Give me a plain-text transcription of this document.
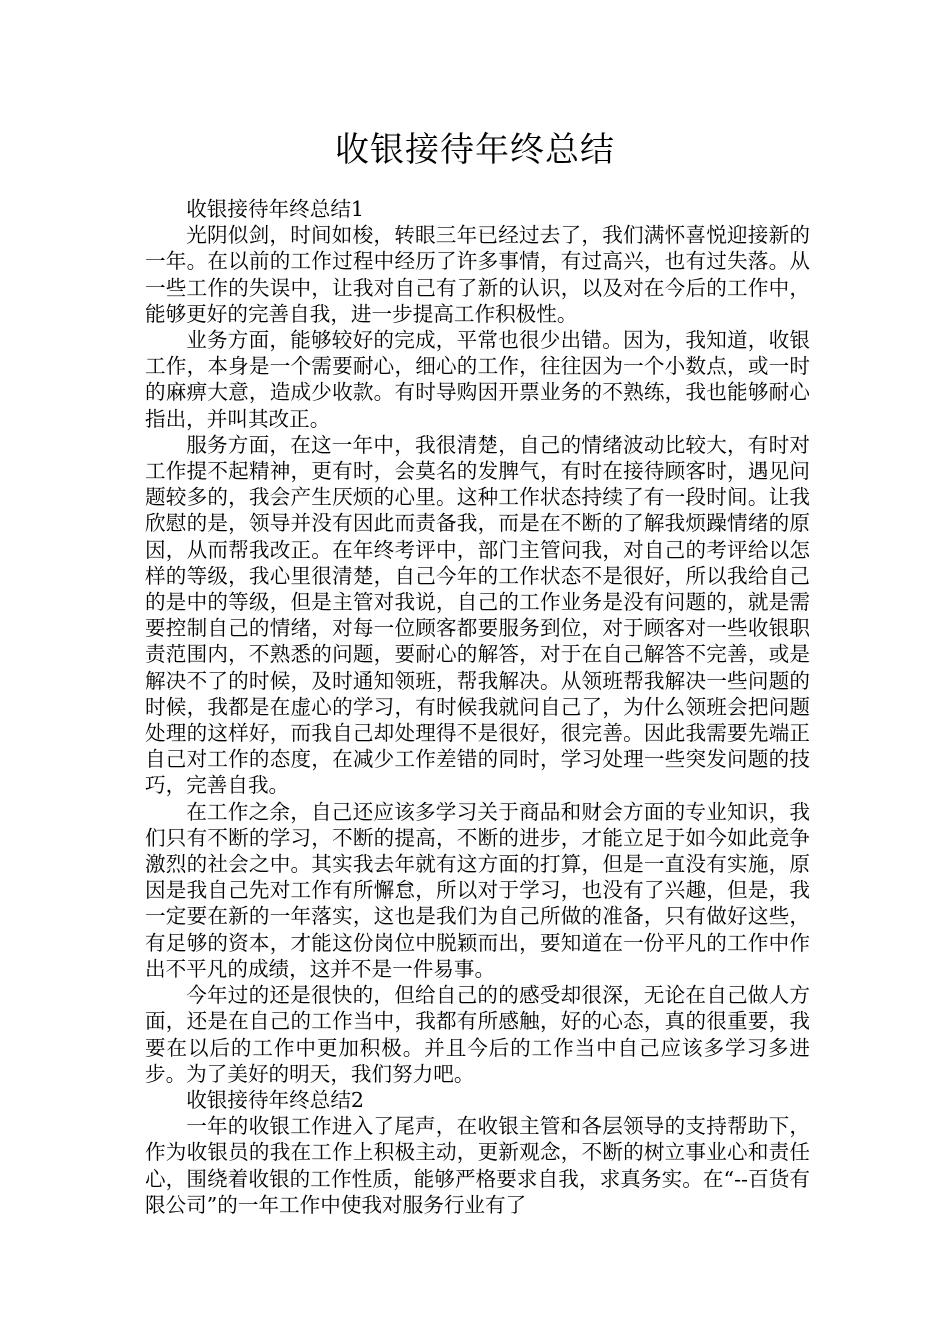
收银接待年终总结

收银接待年终总结1

光阴似剑，时间如梭，转眼三年已经过去了，我们满怀喜悦迎接新的一年。在以前的工作过程中经历了许多事情，有过高兴，也有过失落。从一些工作的失误中，让我对自己有了新的认识，以及对在今后的工作中，能够更好的完善自我，进一步提高工作积极性。

业务方面，能够较好的完成，平常也很少出错。因为，我知道，收银工作，本身是一个需要耐心，细心的工作，往往因为一个小数点，或一时的麻痹大意，造成少收款。有时导购因开票业务的不熟练，我也能够耐心指出，并叫其改正。

服务方面，在这一年中，我很清楚，自己的情绪波动比较大，有时对工作提不起精神，更有时，会莫名的发脾气，有时在接待顾客时，遇见问题较多的，我会产生厌烦的心里。这种工作状态持续了有一段时间。让我欣慰的是，领导并没有因此而责备我，而是在不断的了解我烦躁情绪的原因，从而帮我改正。在年终考评中，部门主管问我，对自己的考评给以怎样的等级，我心里很清楚，自己今年的工作状态不是很好，所以我给自己的是中的等级，但是主管对我说，自己的工作业务是没有问题的，就是需要控制自己的情绪，对每一位顾客都要服务到位，对于顾客对一些收银职责范围内，不熟悉的问题，要耐心的解答，对于在自己解答不完善，或是解决不了的时候，及时通知领班，帮我解决。从领班帮我解决一些问题的时候，我都是在虚心的学习，有时候我就问自己了，为什么领班会把问题处理的这样好，而我自己却处理得不是很好，很完善。因此我需要先端正自己对工作的态度，在减少工作差错的同时，学习处理一些突发问题的技巧，完善自我。

在工作之余，自己还应该多学习关于商品和财会方面的专业知识，我们只有不断的学习，不断的提高，不断的进步，才能立足于如今如此竞争激烈的社会之中。其实我去年就有这方面的打算，但是一直没有实施，原因是我自己先对工作有所懈怠，所以对于学习，也没有了兴趣，但是，我一定要在新的一年落实，这也是我们为自己所做的准备，只有做好这些，有足够的资本，才能这份岗位中脱颖而出，要知道在一份平凡的工作中作出不平凡的成绩，这并不是一件易事。

今年过的还是很快的，但给自己的的感受却很深，无论在自己做人方面，还是在自己的工作当中，我都有所感触，好的心态，真的很重要，我要在以后的工作中更加积极。并且今后的工作当中自己应该多学习多进步。为了美好的明天，我们努力吧。

收银接待年终总结2

一年的收银工作进入了尾声，在收银主管和各层领导的支持帮助下，作为收银员的我在工作上积极主动，更新观念，不断的树立事业心和责任心，围绕着收银的工作性质，能够严格要求自我，求真务实。在“--百货有限公司”的一年工作中使我对服务行业有了
